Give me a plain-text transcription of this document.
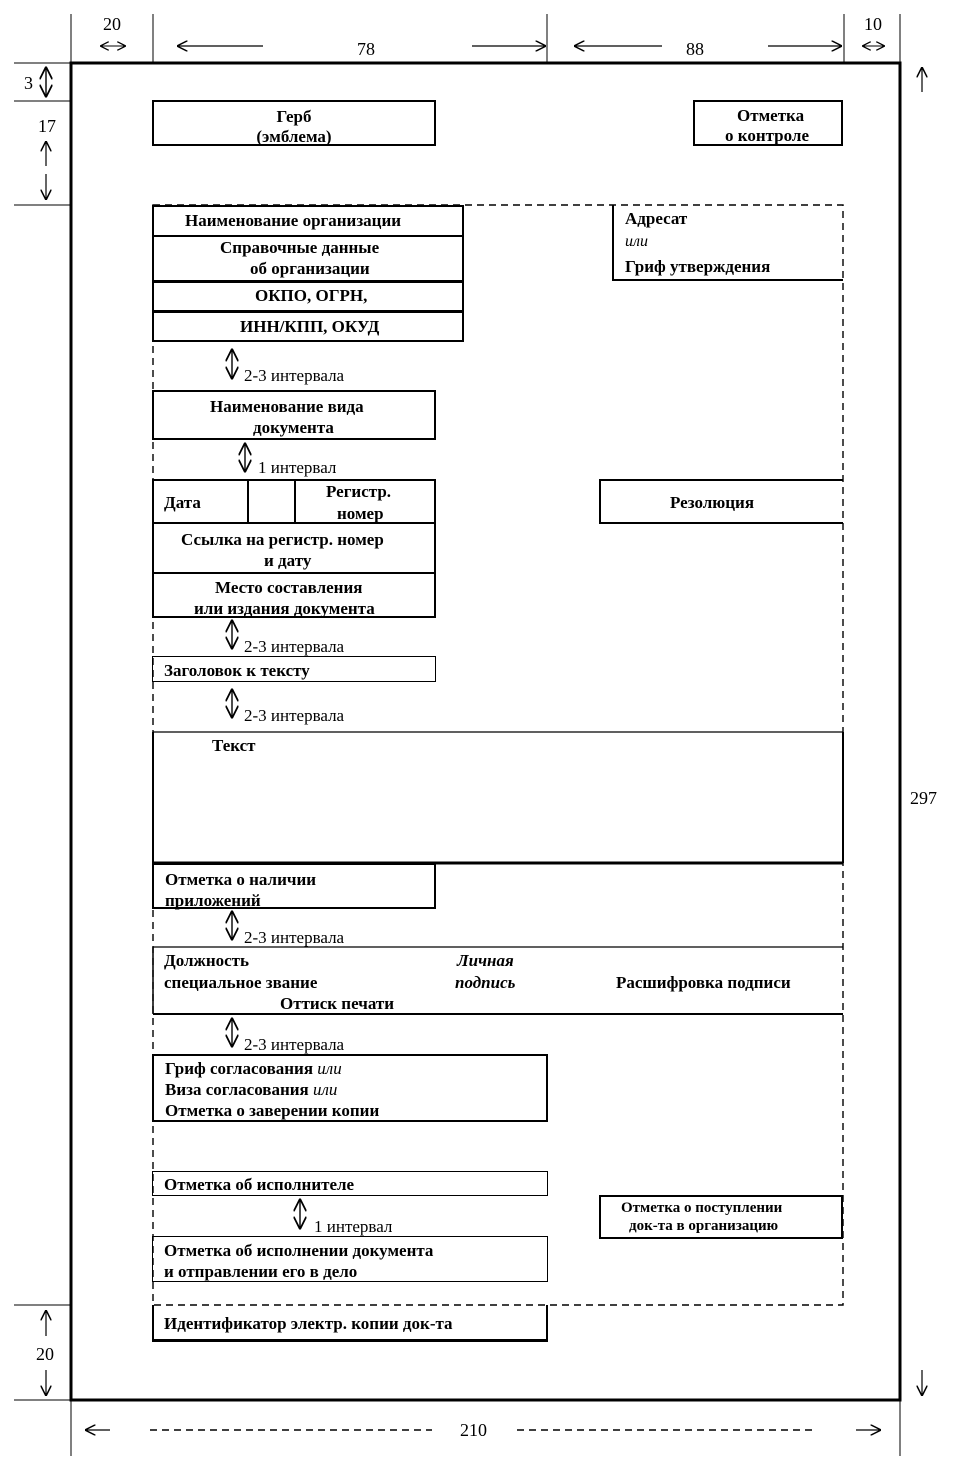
20
78	88
10
3
17
297
20
210
Герб
(эмблема)
Отметка
о контроле
Наименование организации
Справочные данные
об организации
ОКПО, ОГРН,
ИНН/КПП, ОКУД
Адресат
или
Гриф утверждения
2-3 интервала
Наименование вида
документа
1 интервал
Дата
Регистр.
номер
Резолюция
Ссылка на регистр. номер
и дату
Место составления
или издания документа
2-3 интервала
Заголовок к тексту
2-3 интервала
Текст
Отметка о наличии
приложений
2-3 интервала
Должность
специальное звание
Оттиск печати
Личная
подпись	Расшифровка подписи
2-3 интервала
Гриф согласования или
Виза согласования или
Отметка о заверении копии
Отметка об исполнителе
Отметка о поступлении
док-та в организацию
1 интервал
Отметка об исполнении документа
и отправлении его в дело
Идентификатор электр. копии док-та
